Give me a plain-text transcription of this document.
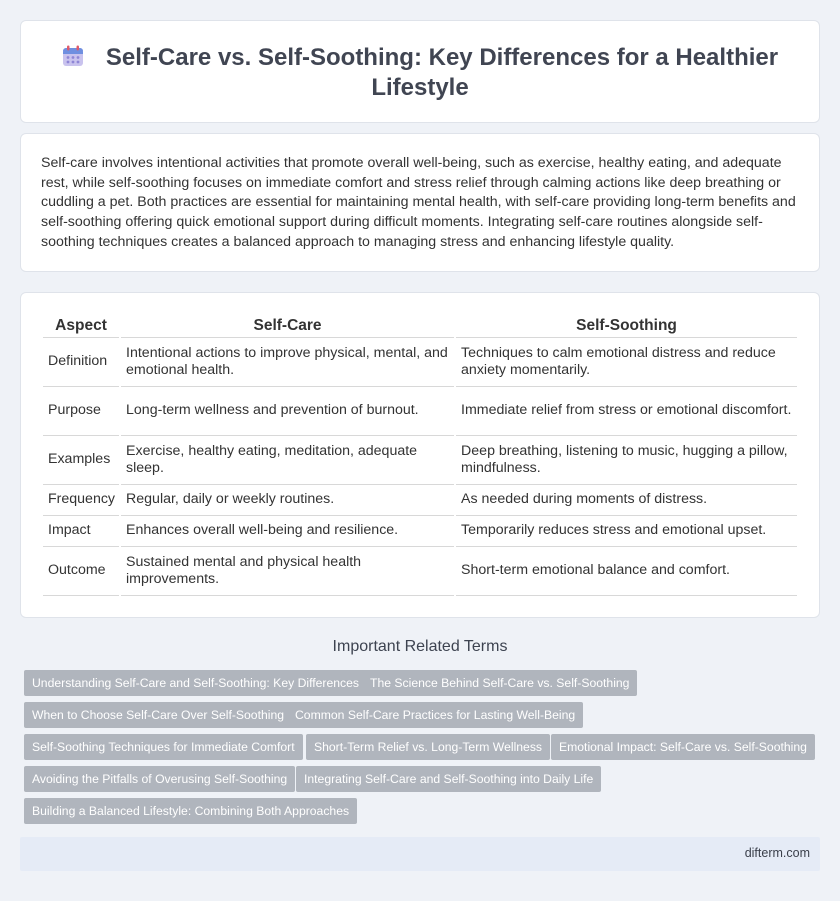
Self-Care vs. Self-Soothing: Key Differences for a Healthier
Lifestyle

Self-care involves intentional activities that promote overall well-being, such as exercise, healthy eating, and adequate rest, while self-soothing focuses on immediate comfort and stress relief through calming actions like deep breathing or cuddling a pet. Both practices are essential for maintaining mental health, with self-care providing long-term benefits and self-soothing offering quick emotional support during difficult moments. Integrating self-care routines alongside self-soothing techniques creates a balanced approach to managing stress and enhancing lifestyle quality.

Aspect	Self-Care	Self-Soothing
Definition	Intentional actions to improve physical, mental, and emotional health.	Techniques to calm emotional distress and reduce anxiety momentarily.
Purpose	Long-term wellness and prevention of burnout.	Immediate relief from stress or emotional discomfort.
Examples	Exercise, healthy eating, meditation, adequate sleep.	Deep breathing, listening to music, hugging a pillow, mindfulness.
Frequency	Regular, daily or weekly routines.	As needed during moments of distress.
Impact	Enhances overall well-being and resilience.	Temporarily reduces stress and emotional upset.
Outcome	Sustained mental and physical health improvements.	Short-term emotional balance and comfort.
Important Related Terms
Understanding Self-Care and Self-Soothing: Key Differences The Science Behind Self-Care vs. Self-Soothing
When to Choose Self-Care Over Self-Soothing Common Self-Care Practices for Lasting Well-Being
Self-Soothing Techniques for Immediate Comfort	Short-Term Relief vs. Long-Term Wellness	Emotional Impact: Self-Care vs. Self-Soothing
Avoiding the Pitfalls of Overusing Self-Soothing	Integrating Self-Care and Self-Soothing into Daily Life
Building a Balanced Lifestyle: Combining Both Approaches
difterm.com
